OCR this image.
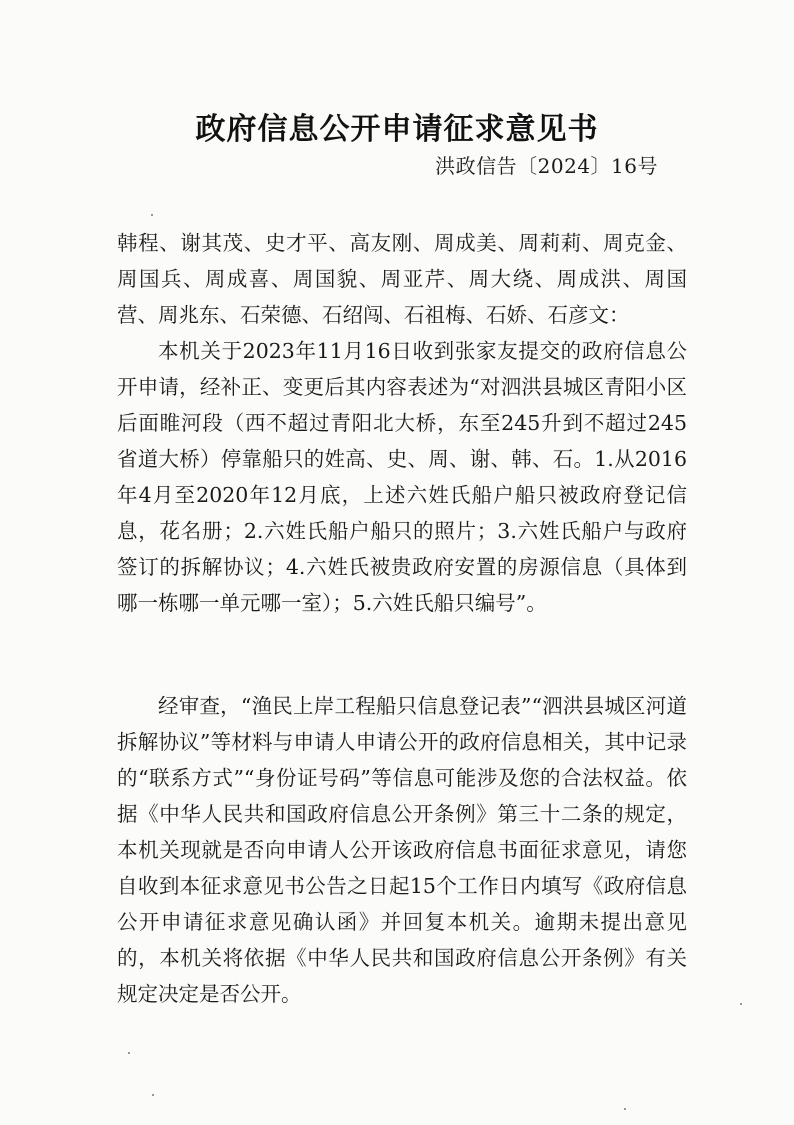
政府信息公开申请征求意见书
洪政信告〔2024〕16号
韩程、谢其茂、史才平、高友刚、周成美、周莉莉、周克金、周国兵、周成喜、周国貌、周亚芹、周大绕、周成洪、周国营、周兆东、石荣德、石绍闯、石祖梅、石娇、石彦文：
本机关于2023年11月16日收到张家友提交的政府信息公开申请，经补正、变更后其内容表述为“对泗洪县城区青阳小区后面睢河段（西不超过青阳北大桥，东至245升到不超过245省道大桥）停靠船只的姓高、史、周、谢、韩、石。1.从2016年4月至2020年12月底，上述六姓氏船户船只被政府登记信息，花名册；2.六姓氏船户船只的照片；3.六姓氏船户与政府签订的拆解协议；4.六姓氏被贵政府安置的房源信息（具体到哪一栋哪一单元哪一室）；5.六姓氏船只编号”。
经审查，“渔民上岸工程船只信息登记表”“泗洪县城区河道拆解协议”等材料与申请人申请公开的政府信息相关，其中记录的“联系方式”“身份证号码”等信息可能涉及您的合法权益。依据《中华人民共和国政府信息公开条例》第三十二条的规定，本机关现就是否向申请人公开该政府信息书面征求意见，请您自收到本征求意见书公告之日起15个工作日内填写《政府信息公开申请征求意见确认函》并回复本机关。逾期未提出意见的，本机关将依据《中华人民共和国政府信息公开条例》有关规定决定是否公开。
